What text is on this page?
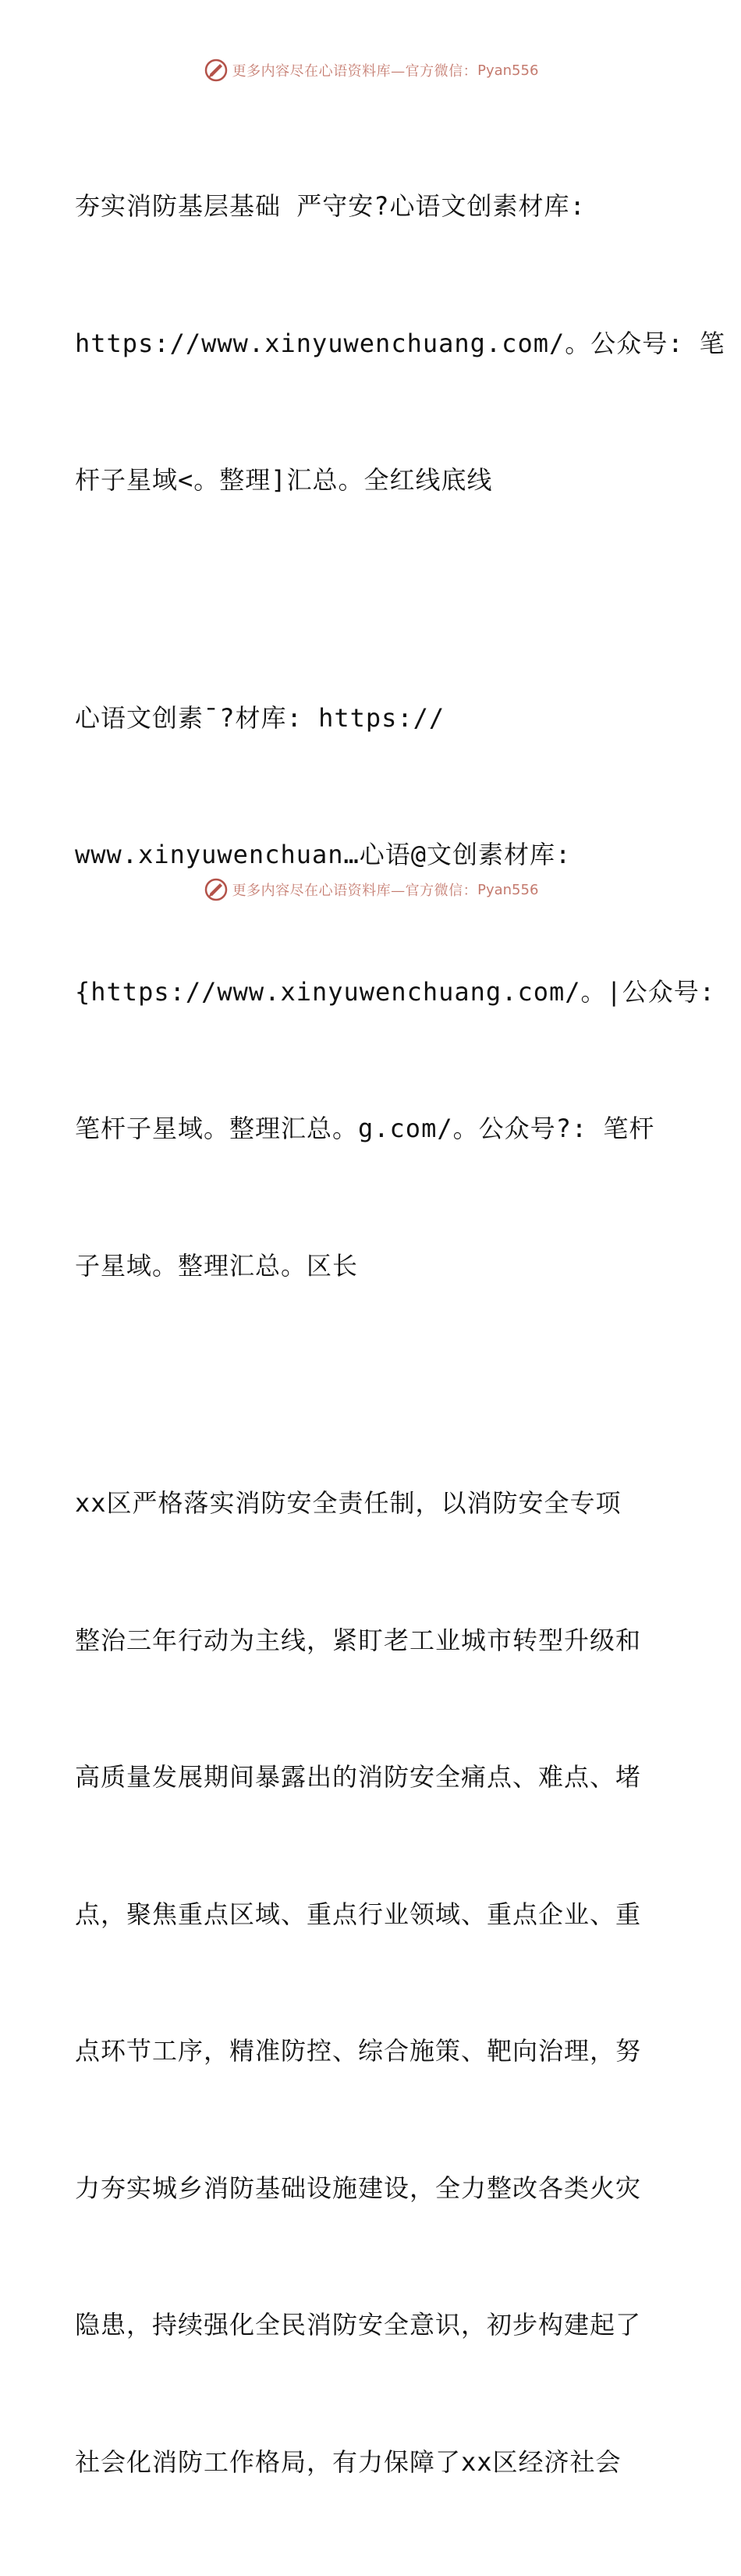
更多内容尽在心语资料库—官方微信： Pyan556

夯实消防基层基础 严守安?心语文创素材库:

https://www.xinyuwenchuang.com/。公众号: 笔

杆子星域<。整理]汇总。全红线底线

心语文创素¯?材库: https://

www.xinyuwenchuan…心语@文创素材库:

{https://www.xinyuwenchuang.com/。|公众号:

笔杆子星域。整理汇总。g.com/。公众号?: 笔杆

子星域。整理汇总。区长

xx区严格落实消防安全责任制，以消防安全专项

整治三年行动为主线，紧盯老工业城市转型升级和

高质量发展期间暴露出的消防安全痛点、难点、堵

点，聚焦重点区域、重点行业领域、重点企业、重

点环节工序，精准防控、综合施策、靶向治理，努

力夯实城乡消防基础设施建设，全力整改各类火灾

隐患，持续强化全民消防安全意识，初步构建起了

社会化消防工作格局，有力保障了xx区经济社会

更多内容尽在心语资料库—官方微信： Pyan556
